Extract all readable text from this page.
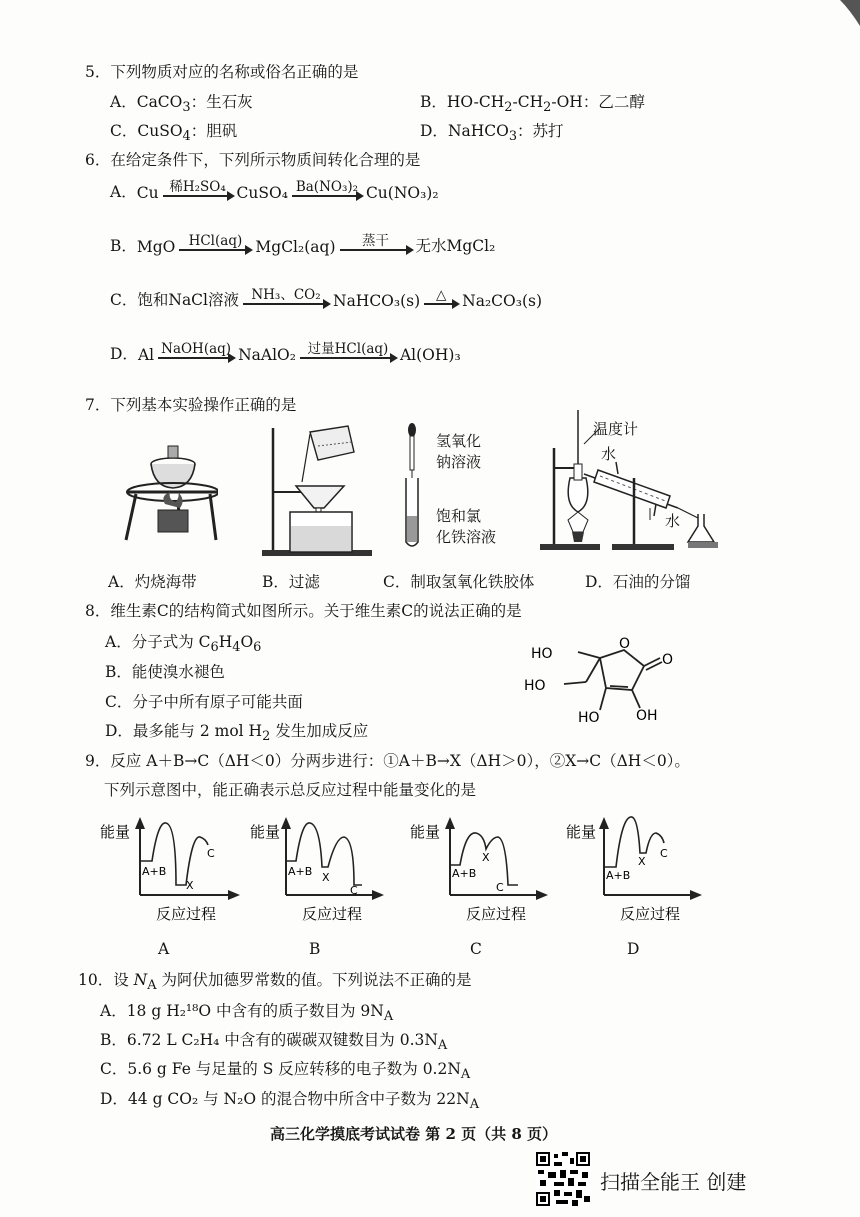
5．下列物质对应的名称或俗名正确的是
A．CaCO$_3$：生石灰	B．$HO-CH_2-CH_2-OH$：乙二醇
C．CuSO$_4$：胆矾	D．NaHCO$_3$：苏打
6．在给定条件下，下列所示物质间转化合理的是
A． Cu 稀H₂SO₄ CuSO₄ Ba(NO₃)₂ Cu(NO₃)₂
B． MgO HCl(aq) MgCl₂(aq) 蒸干 无水MgCl₂
C． 饱和NaCl溶液 NH₃、CO₂ NaHCO₃(s) △ Na₂CO₃(s)
D． Al NaOH(aq) NaAlO₂ 过量HCl(aq) Al(OH)₃
7．下列基本实验操作正确的是
氢氧化
钠溶液
饱和氯
化铁溶液
温度计
水
水
A．灼烧海带	B．过滤	C．制取氢氧化铁胶体	D．石油的分馏
8．维生素C的结构简式如图所示。关于维生素C的说法正确的是
A．分子式为 $C_6H_4O_6$
B．能使溴水褪色
C．分子中所有原子可能共面
D．最多能与 2 mol $H_2$ 发生加成反应
HO
O
O
HO
HO	OH
9．反应 A＋B→C（ΔH＜0）分两步进行：①A＋B→X（ΔH＞0），②X→C（ΔH＜0）。
下列示意图中，能正确表示总反应过程中能量变化的是
能量
A+B
X
C
反应过程
能量
A+B X
C
反应过程
能量
A+B
X
C
反应过程
能量
A+B
X
C
反应过程
A	B	C	D
10．设 $N_A$ 为阿伏加德罗常数的值。下列说法不正确的是
A．18 g H₂¹⁸O 中含有的质子数目为 $9N_A$
B．6.72 L C₂H₄ 中含有的碳碳双键数目为 $0.3N_A$
C．5.6 g Fe 与足量的 S 反应转移的电子数为 $0.2N_A$
D．44 g CO₂ 与 N₂O 的混合物中所含中子数为 $22N_A$
高三化学摸底考试试卷 第 2 页（共 8 页）
扫描全能王 创建
